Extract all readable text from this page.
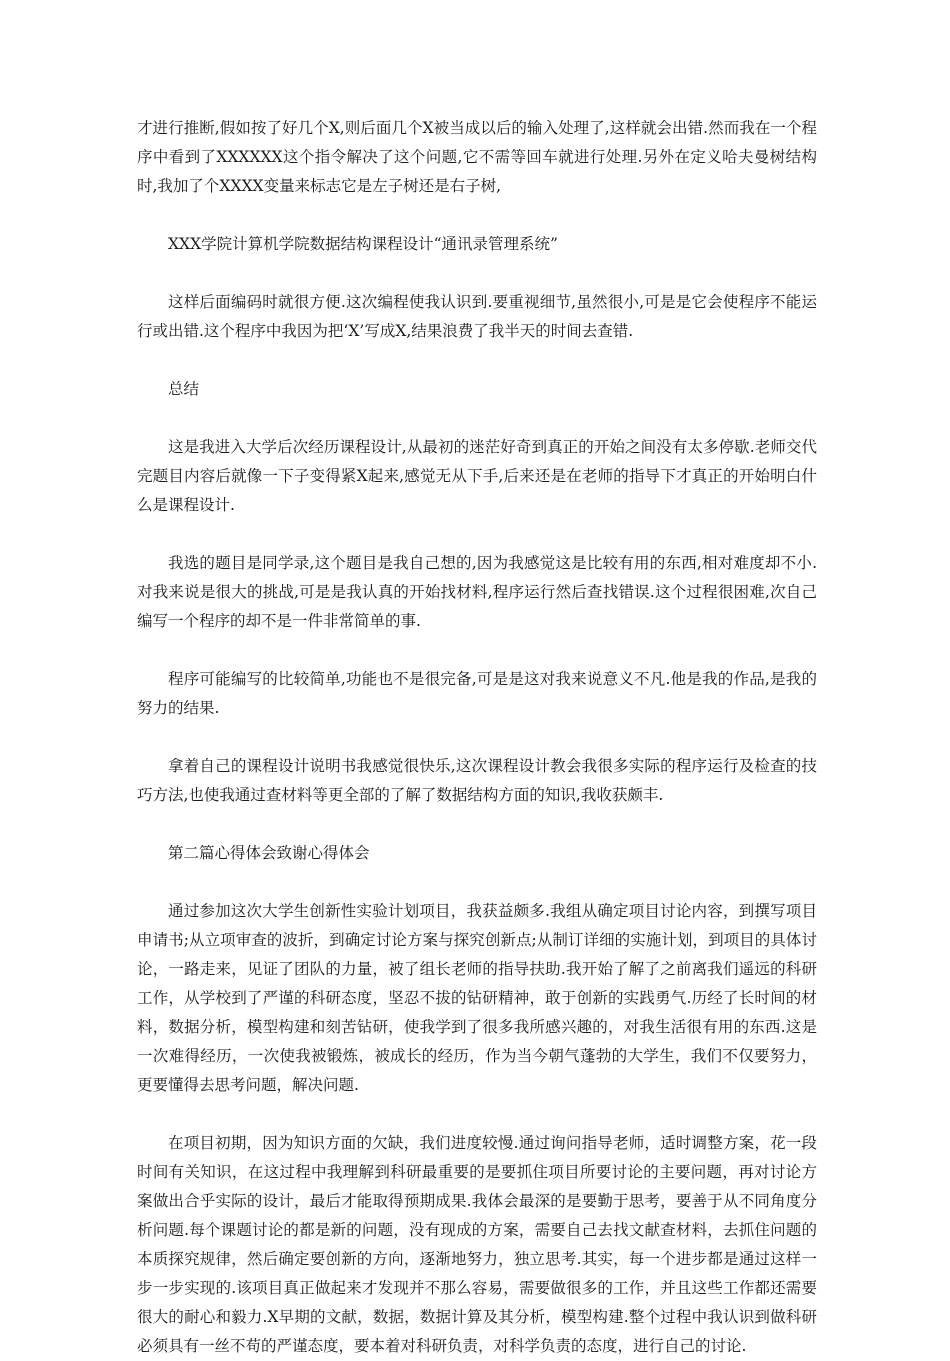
才进行推断,假如按了好几个X,则后面几个X被当成以后的输入处理了,这样就会出错.然而我在一个程序中看到了XXXXXX这个指令解决了这个问题,它不需等回车就进行处理.另外在定义哈夫曼树结构时,我加了个XXXX变量来标志它是左子树还是右子树,

XXX学院计算机学院数据结构课程设计“通讯录管理系统”

这样后面编码时就很方便.这次编程使我认识到.要重视细节,虽然很小,可是是它会使程序不能运行或出错.这个程序中我因为把‘X’写成X,结果浪费了我半天的时间去查错.

总结

这是我进入大学后次经历课程设计,从最初的迷茫好奇到真正的开始之间没有太多停歇.老师交代完题目内容后就像一下子变得紧X起来,感觉无从下手,后来还是在老师的指导下才真正的开始明白什么是课程设计.

我选的题目是同学录,这个题目是我自己想的,因为我感觉这是比较有用的东西,相对难度却不小.对我来说是很大的挑战,可是是我认真的开始找材料,程序运行然后查找错误.这个过程很困难,次自己编写一个程序的却不是一件非常简单的事.

程序可能编写的比较简单,功能也不是很完备,可是是这对我来说意义不凡.他是我的作品,是我的努力的结果.

拿着自己的课程设计说明书我感觉很快乐,这次课程设计教会我很多实际的程序运行及检查的技巧方法,也使我通过查材料等更全部的了解了数据结构方面的知识,我收获颇丰.

第二篇心得体会致谢心得体会

通过参加这次大学生创新性实验计划项目，我获益颇多.我组从确定项目讨论内容，到撰写项目申请书;从立项审查的波折，到确定讨论方案与探究创新点;从制订详细的实施计划，到项目的具体讨论，一路走来，见证了团队的力量，被了组长老师的指导扶助.我开始了解了之前离我们遥远的科研工作，从学校到了严谨的科研态度，坚忍不拔的钻研精神，敢于创新的实践勇气.历经了长时间的材料，数据分析，模型构建和刻苦钻研，使我学到了很多我所感兴趣的，对我生活很有用的东西.这是一次难得经历，一次使我被锻炼，被成长的经历，作为当今朝气蓬勃的大学生，我们不仅要努力，更要懂得去思考问题，解决问题.

在项目初期，因为知识方面的欠缺，我们进度较慢.通过询问指导老师，适时调整方案，花一段时间有关知识，在这过程中我理解到科研最重要的是要抓住项目所要讨论的主要问题，再对讨论方案做出合乎实际的设计，最后才能取得预期成果.我体会最深的是要勤于思考，要善于从不同角度分析问题.每个课题讨论的都是新的问题，没有现成的方案，需要自己去找文献查材料，去抓住问题的本质探究规律，然后确定要创新的方向，逐渐地努力，独立思考.其实，每一个进步都是通过这样一步一步实现的.该项目真正做起来才发现并不那么容易，需要做很多的工作，并且这些工作都还需要很大的耐心和毅力.X早期的文献，数据，数据计算及其分析，模型构建.整个过程中我认识到做科研必须具有一丝不苟的严谨态度，要本着对科研负责，对科学负责的态度，进行自己的讨论.
